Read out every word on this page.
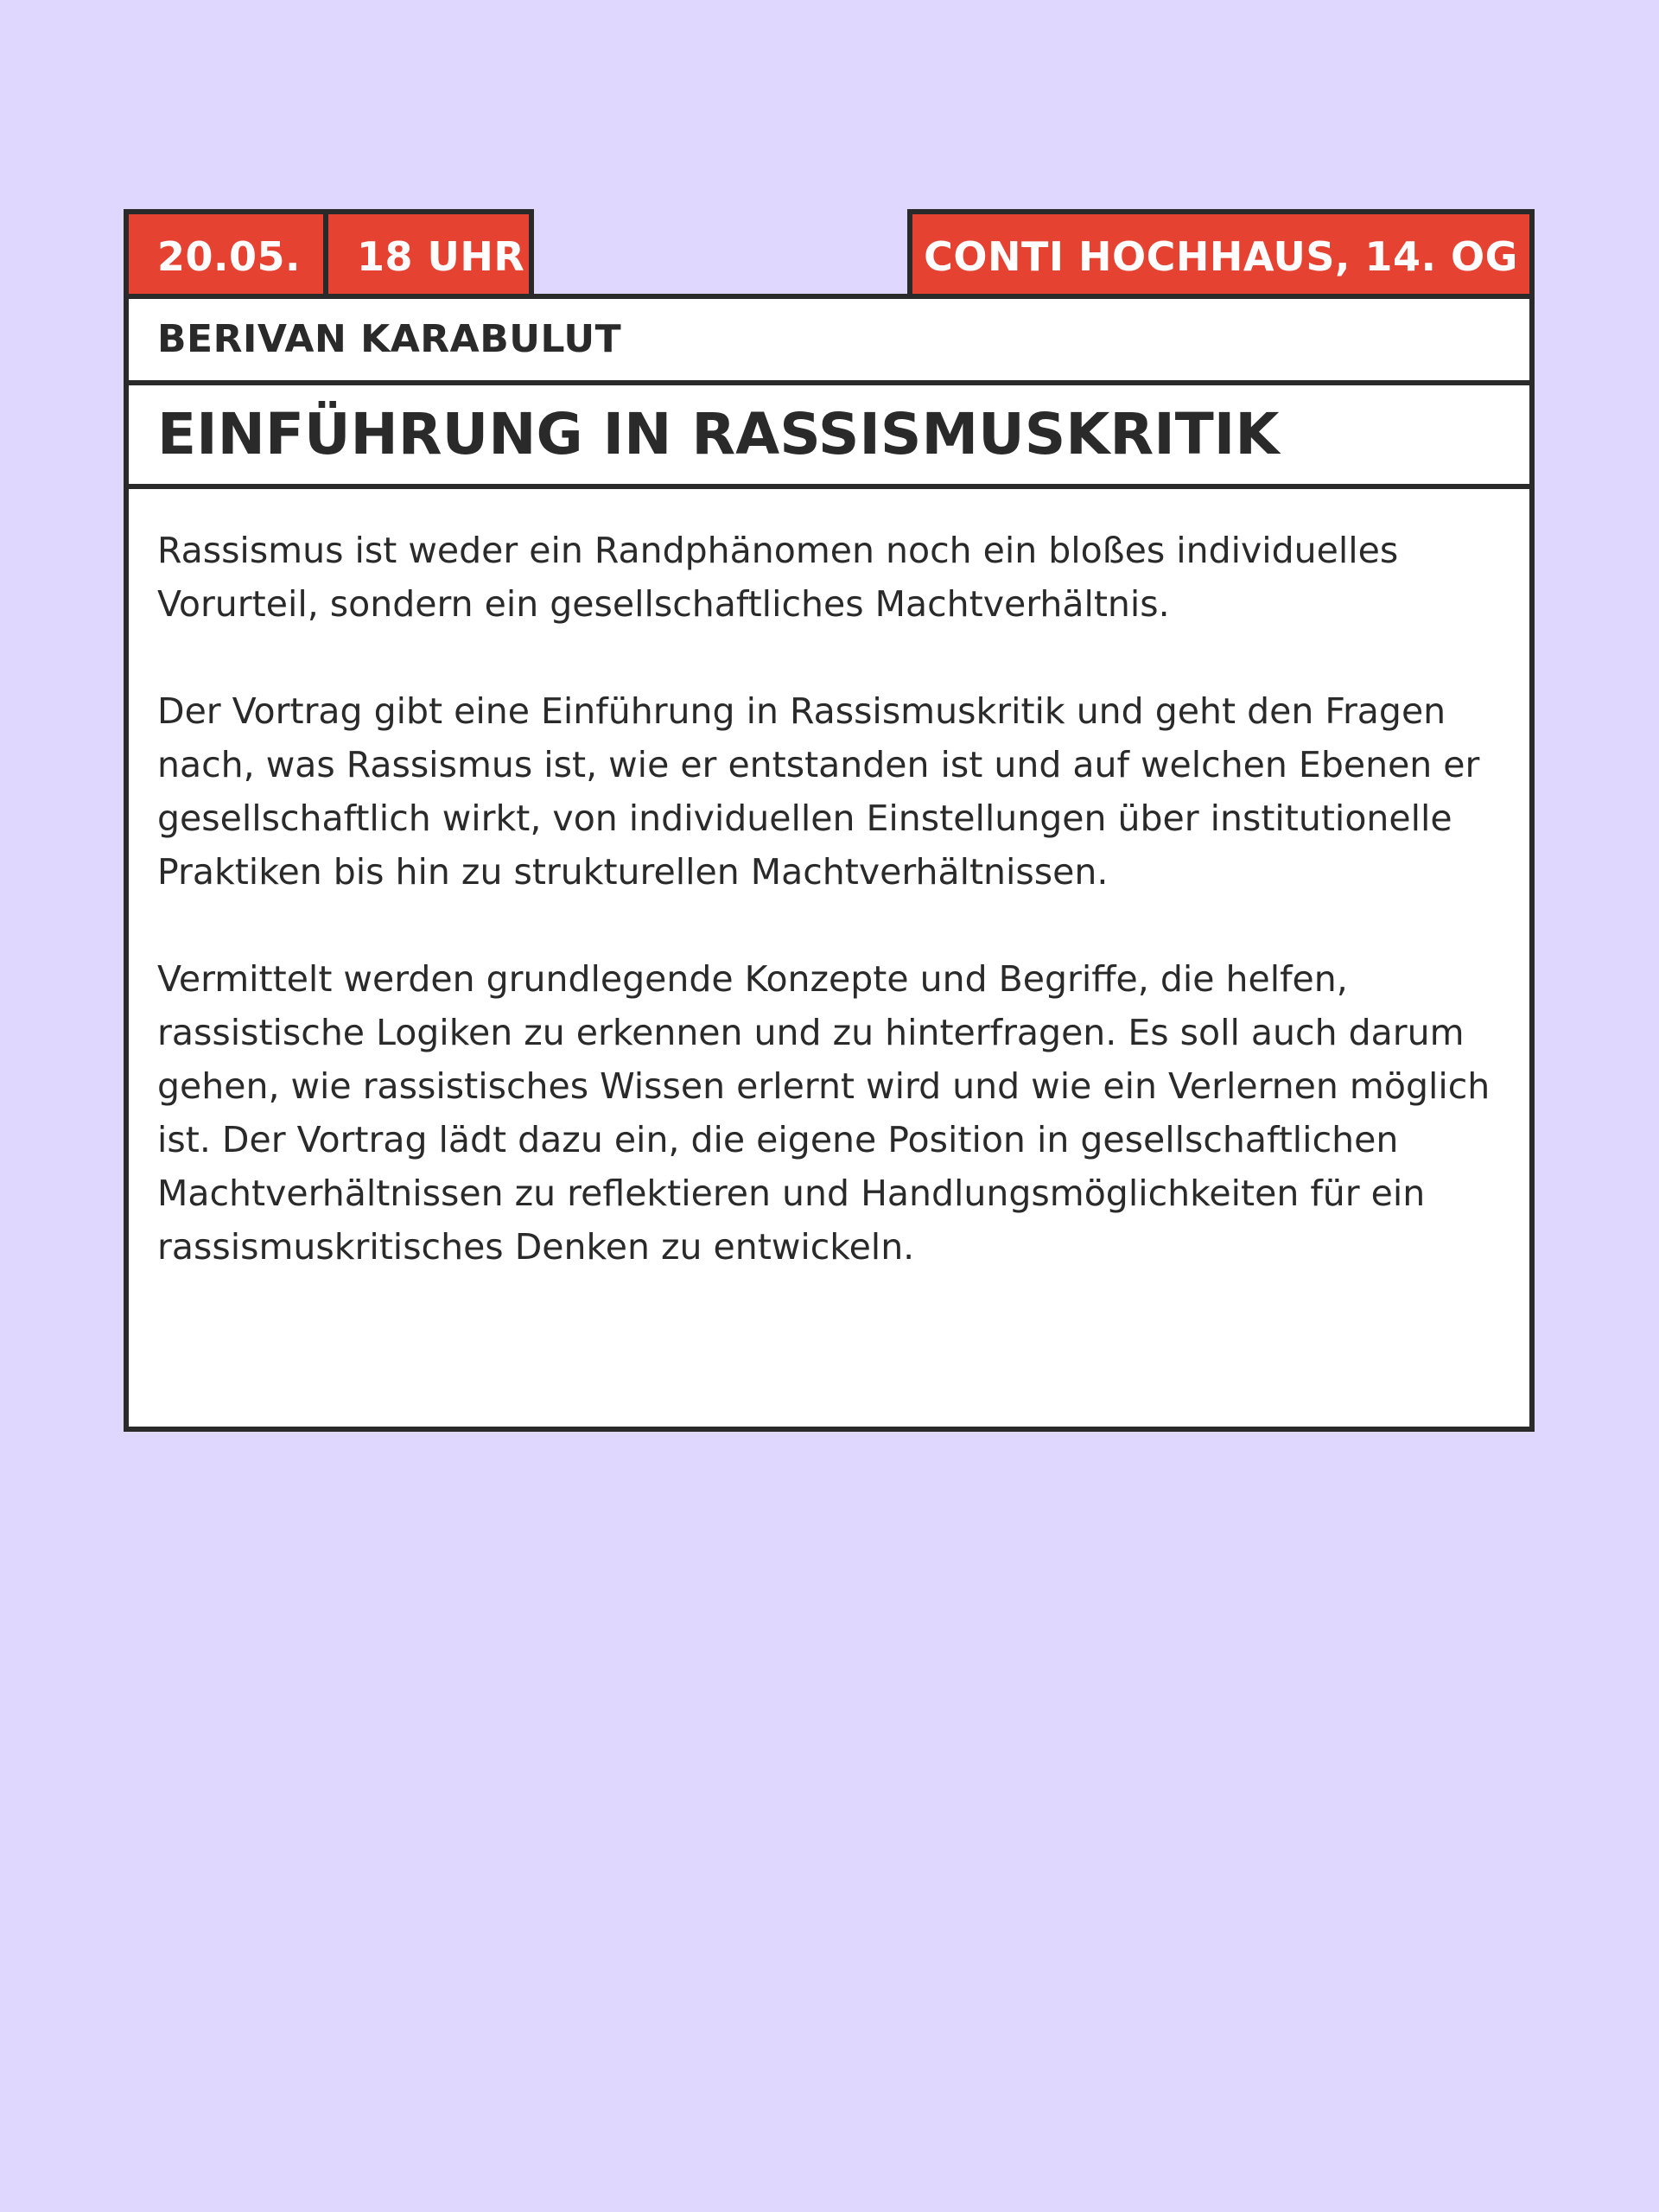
20.05.	18 UHR	CONTI HOCHHAUS, 14. OG
BERIVAN KARABULUT
EINFÜHRUNG IN RASSISMUSKRITIK

Rassismus ist weder ein Randphänomen noch ein bloßes individuelles Vorurteil, sondern ein gesellschaftliches Machtverhältnis.

Der Vortrag gibt eine Einführung in Rassismuskritik und geht den Fragen nach, was Rassismus ist, wie er entstanden ist und auf welchen Ebenen er gesellschaftlich wirkt, von individuellen Einstellungen über institutionelle Praktiken bis hin zu strukturellen Machtverhältnissen.

Vermittelt werden grundlegende Konzepte und Begriffe, die helfen, rassistische Logiken zu erkennen und zu hinterfragen. Es soll auch darum gehen, wie rassistisches Wissen erlernt wird und wie ein Verlernen möglich ist. Der Vortrag lädt dazu ein, die eigene Position in gesellschaftlichen Machtverhältnissen zu reflektieren und Handlungsmöglichkeiten für ein rassismuskritisches Denken zu entwickeln.
